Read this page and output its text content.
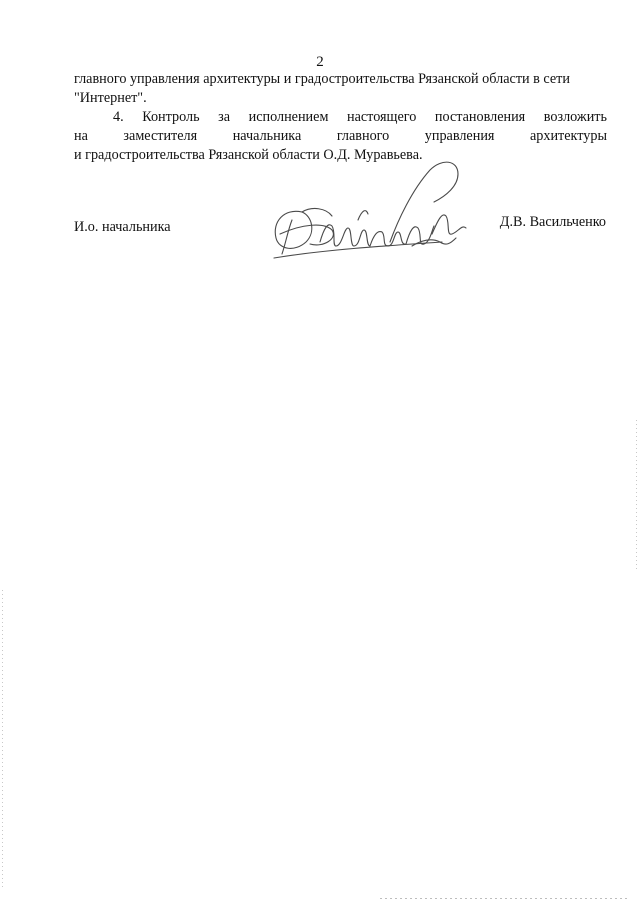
2
главного управления архитектуры и градостроительства Рязанской области в сети
"Интернет".
4. Контроль за исполнением настоящего постановления возложить
на	заместителя	начальника	главного	управления	архитектуры
и градостроительства Рязанской области О.Д. Муравьева.
И.о. начальника	Д.В. Васильченко
